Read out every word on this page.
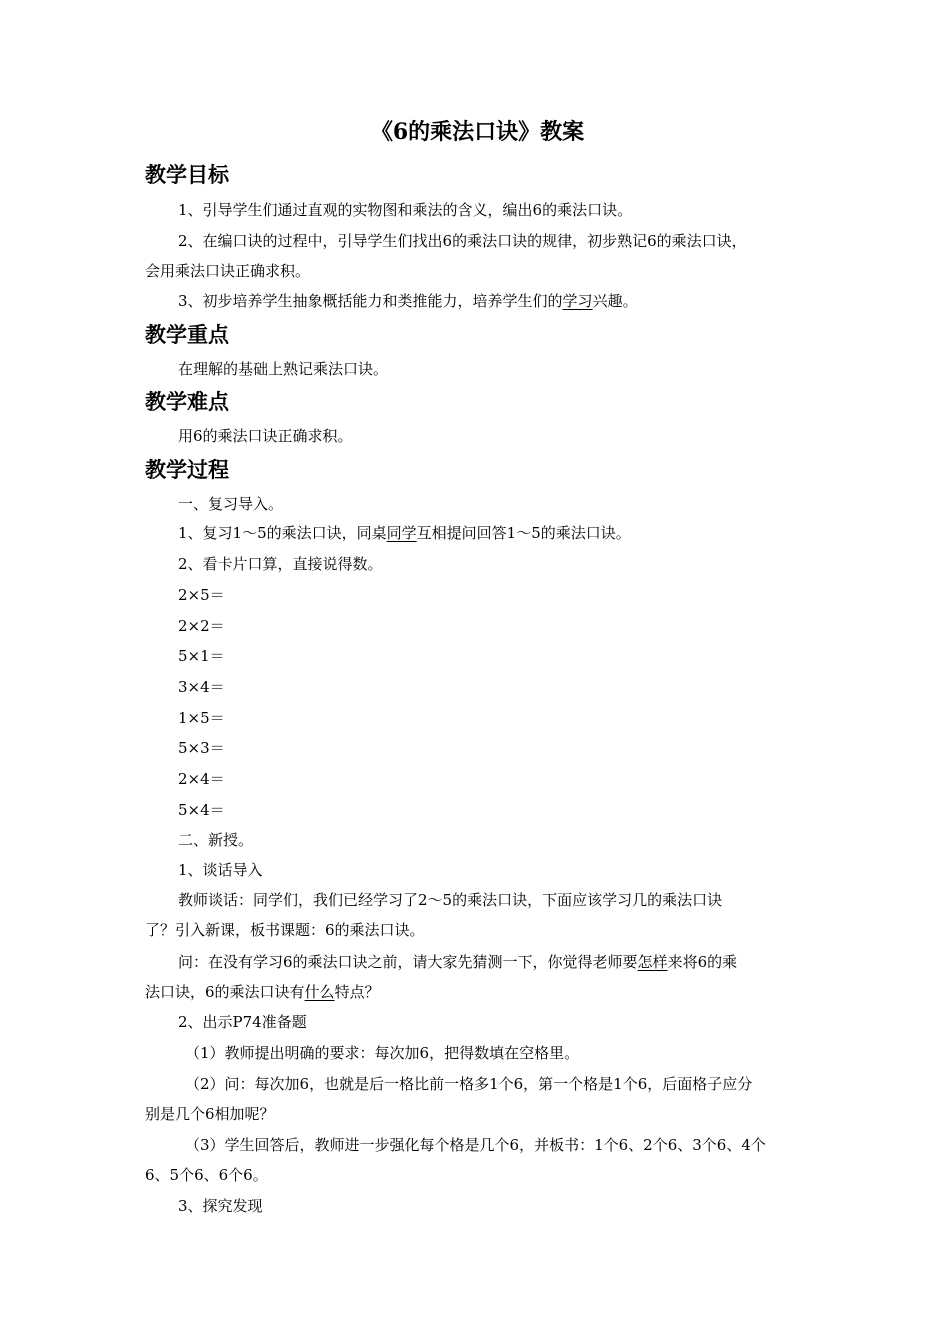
《6的乘法口诀》教案
教学目标

1、引导学生们通过直观的实物图和乘法的含义，编出6的乘法口诀。

2、在编口诀的过程中，引导学生们找出6的乘法口诀的规律，初步熟记6的乘法口诀，

会用乘法口诀正确求积。

3、初步培养学生抽象概括能力和类推能力，培养学生们的学习兴趣。

教学重点

在理解的基础上熟记乘法口诀。

教学难点

用6的乘法口诀正确求积。

教学过程

一、复习导入。

1、复习1～5的乘法口诀，同桌同学互相提问回答1～5的乘法口诀。

2、看卡片口算，直接说得数。

2×5＝

2×2＝

5×1＝

3×4＝

1×5＝

5×3＝

2×4＝

5×4＝

二、新授。

1、谈话导入

教师谈话：同学们，我们已经学习了2～5的乘法口诀，下面应该学习几的乘法口诀

了？引入新课，板书课题：6的乘法口诀。

问：在没有学习6的乘法口诀之前，请大家先猜测一下，你觉得老师要怎样来将6的乘

法口诀，6的乘法口诀有什么特点？

2、出示P74准备题

（1）教师提出明确的要求：每次加6，把得数填在空格里。

（2）问：每次加6，也就是后一格比前一格多1个6，第一个格是1个6，后面格子应分

别是几个6相加呢？

（3）学生回答后，教师进一步强化每个格是几个6，并板书：1个6、2个6、3个6、4个

6、5个6、6个6。

3、探究发现
